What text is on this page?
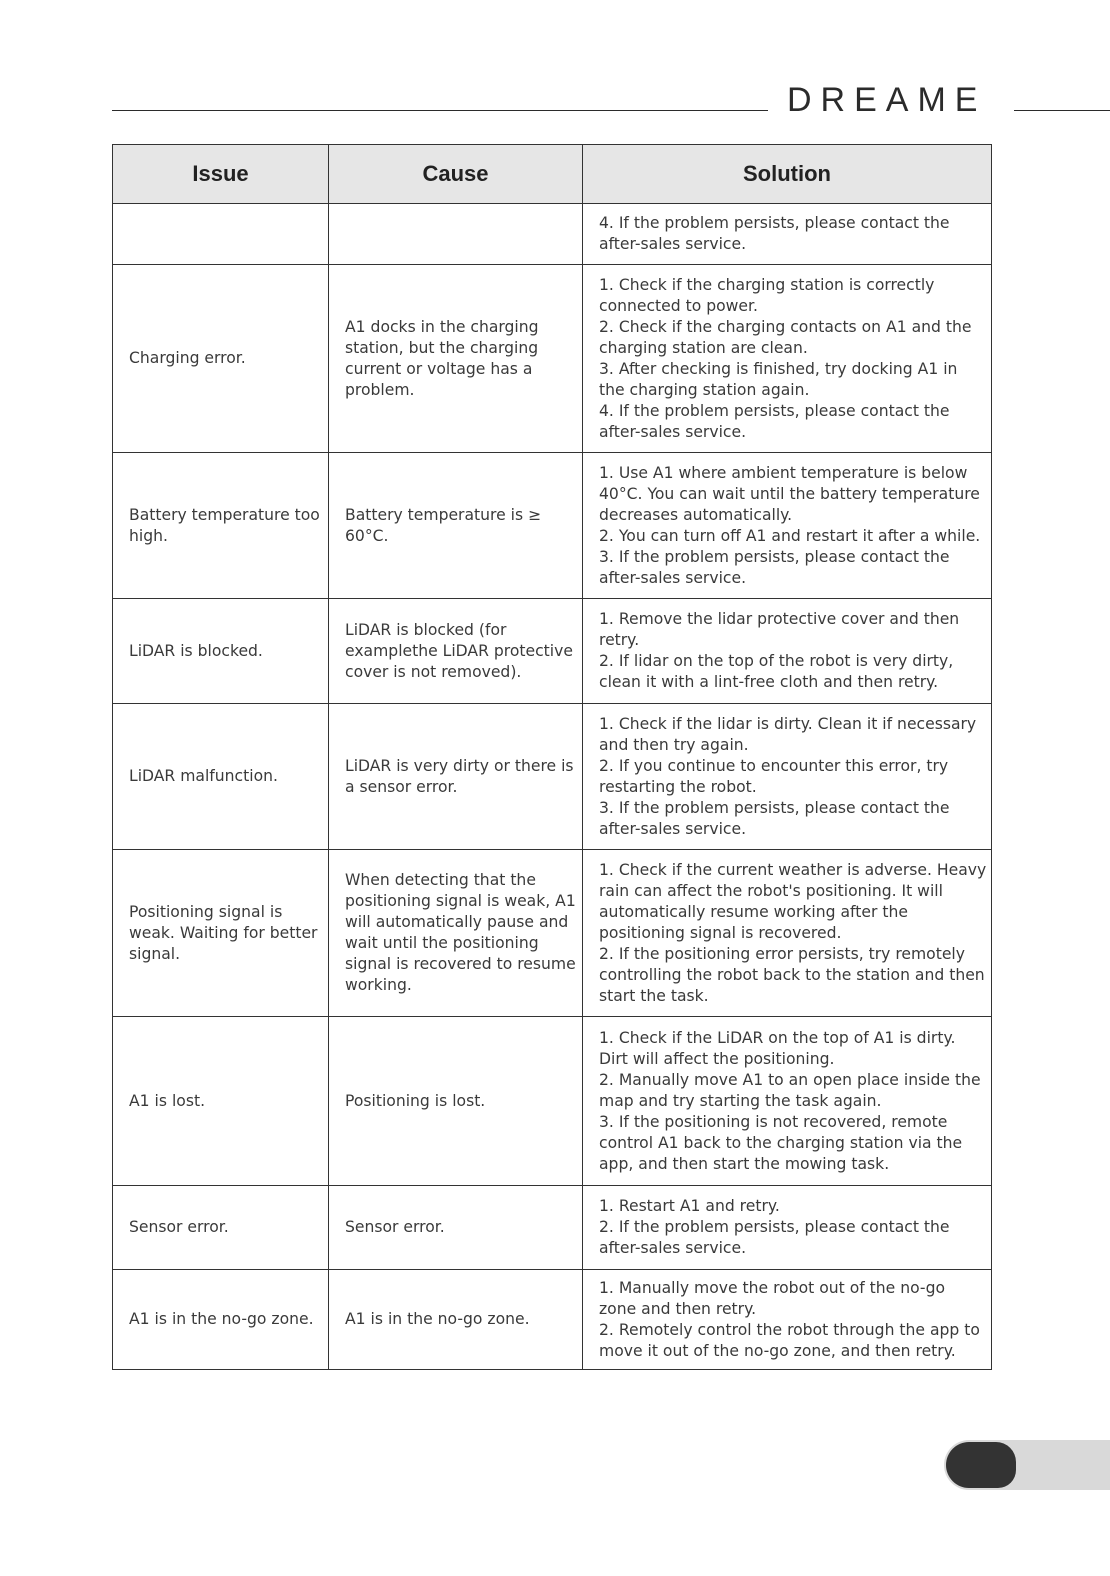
DREAME
Issue	Cause	Solution

		4. If the problem persists, please contact the after-sales service.

Charging error.	A1 docks in the charging station, but the charging current or voltage has a problem.	1. Check if the charging station is correctly connected to power.
2. Check if the charging contacts on A1 and the charging station are clean.
3. After checking is finished, try docking A1 in the charging station again.
4. If the problem persists, please contact the after-sales service.

Battery temperature too high.	Battery temperature is ≥ 60°C.	1. Use A1 where ambient temperature is below 40°C. You can wait until the battery temperature decreases automatically.
2. You can turn off A1 and restart it after a while.
3. If the problem persists, please contact the after-sales service.

LiDAR is blocked.	LiDAR is blocked (for examplethe LiDAR protective cover is not removed).	1. Remove the lidar protective cover and then retry.
2. If lidar on the top of the robot is very dirty, clean it with a lint-free cloth and then retry.

LiDAR malfunction.	LiDAR is very dirty or there is a sensor error.	1. Check if the lidar is dirty. Clean it if necessary and then try again.
2. If you continue to encounter this error, try restarting the robot.
3. If the problem persists, please contact the after-sales service.

Positioning signal is weak. Waiting for better signal.	When detecting that the positioning signal is weak, A1 will automatically pause and wait until the positioning signal is recovered to resume working.	1. Check if the current weather is adverse. Heavy rain can affect the robot's positioning. It will automatically resume working after the positioning signal is recovered.
2. If the positioning error persists, try remotely controlling the robot back to the station and then start the task.

A1 is lost.	Positioning is lost.	1. Check if the LiDAR on the top of A1 is dirty. Dirt will affect the positioning.
2. Manually move A1 to an open place inside the map and try starting the task again.
3. If the positioning is not recovered, remote control A1 back to the charging station via the app, and then start the mowing task.

Sensor error.	Sensor error.	1. Restart A1 and retry.
2. If the problem persists, please contact the after-sales service.

A1 is in the no-go zone.	A1 is in the no-go zone.	1. Manually move the robot out of the no-go zone and then retry.
2. Remotely control the robot through the app to move it out of the no-go zone, and then retry.
